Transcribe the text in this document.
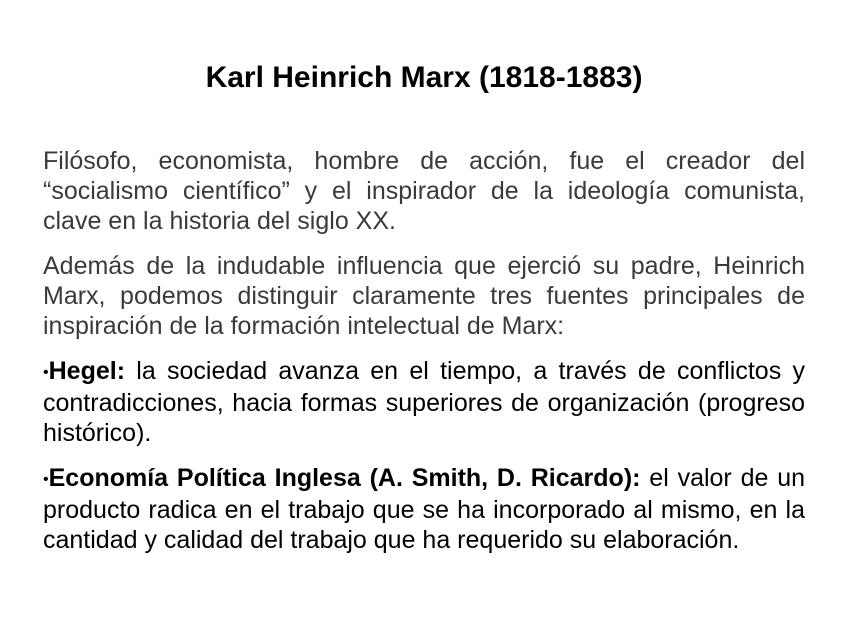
Karl Heinrich Marx (1818-1883)

Filósofo, economista, hombre de acción, fue el creador del “socialismo científico” y el inspirador de la ideología comunista, clave en la historia del siglo XX.

Además de la indudable influencia que ejerció su padre, Heinrich Marx, podemos distinguir claramente tres fuentes principales de inspiración de la formación intelectual de Marx:

•Hegel: la sociedad avanza en el tiempo, a través de conflictos y contradicciones, hacia formas superiores de organización (progreso histórico).

•Economía Política Inglesa (A. Smith, D. Ricardo): el valor de un producto radica en el trabajo que se ha incorporado al mismo, en la cantidad y calidad del trabajo que ha requerido su elaboración.
